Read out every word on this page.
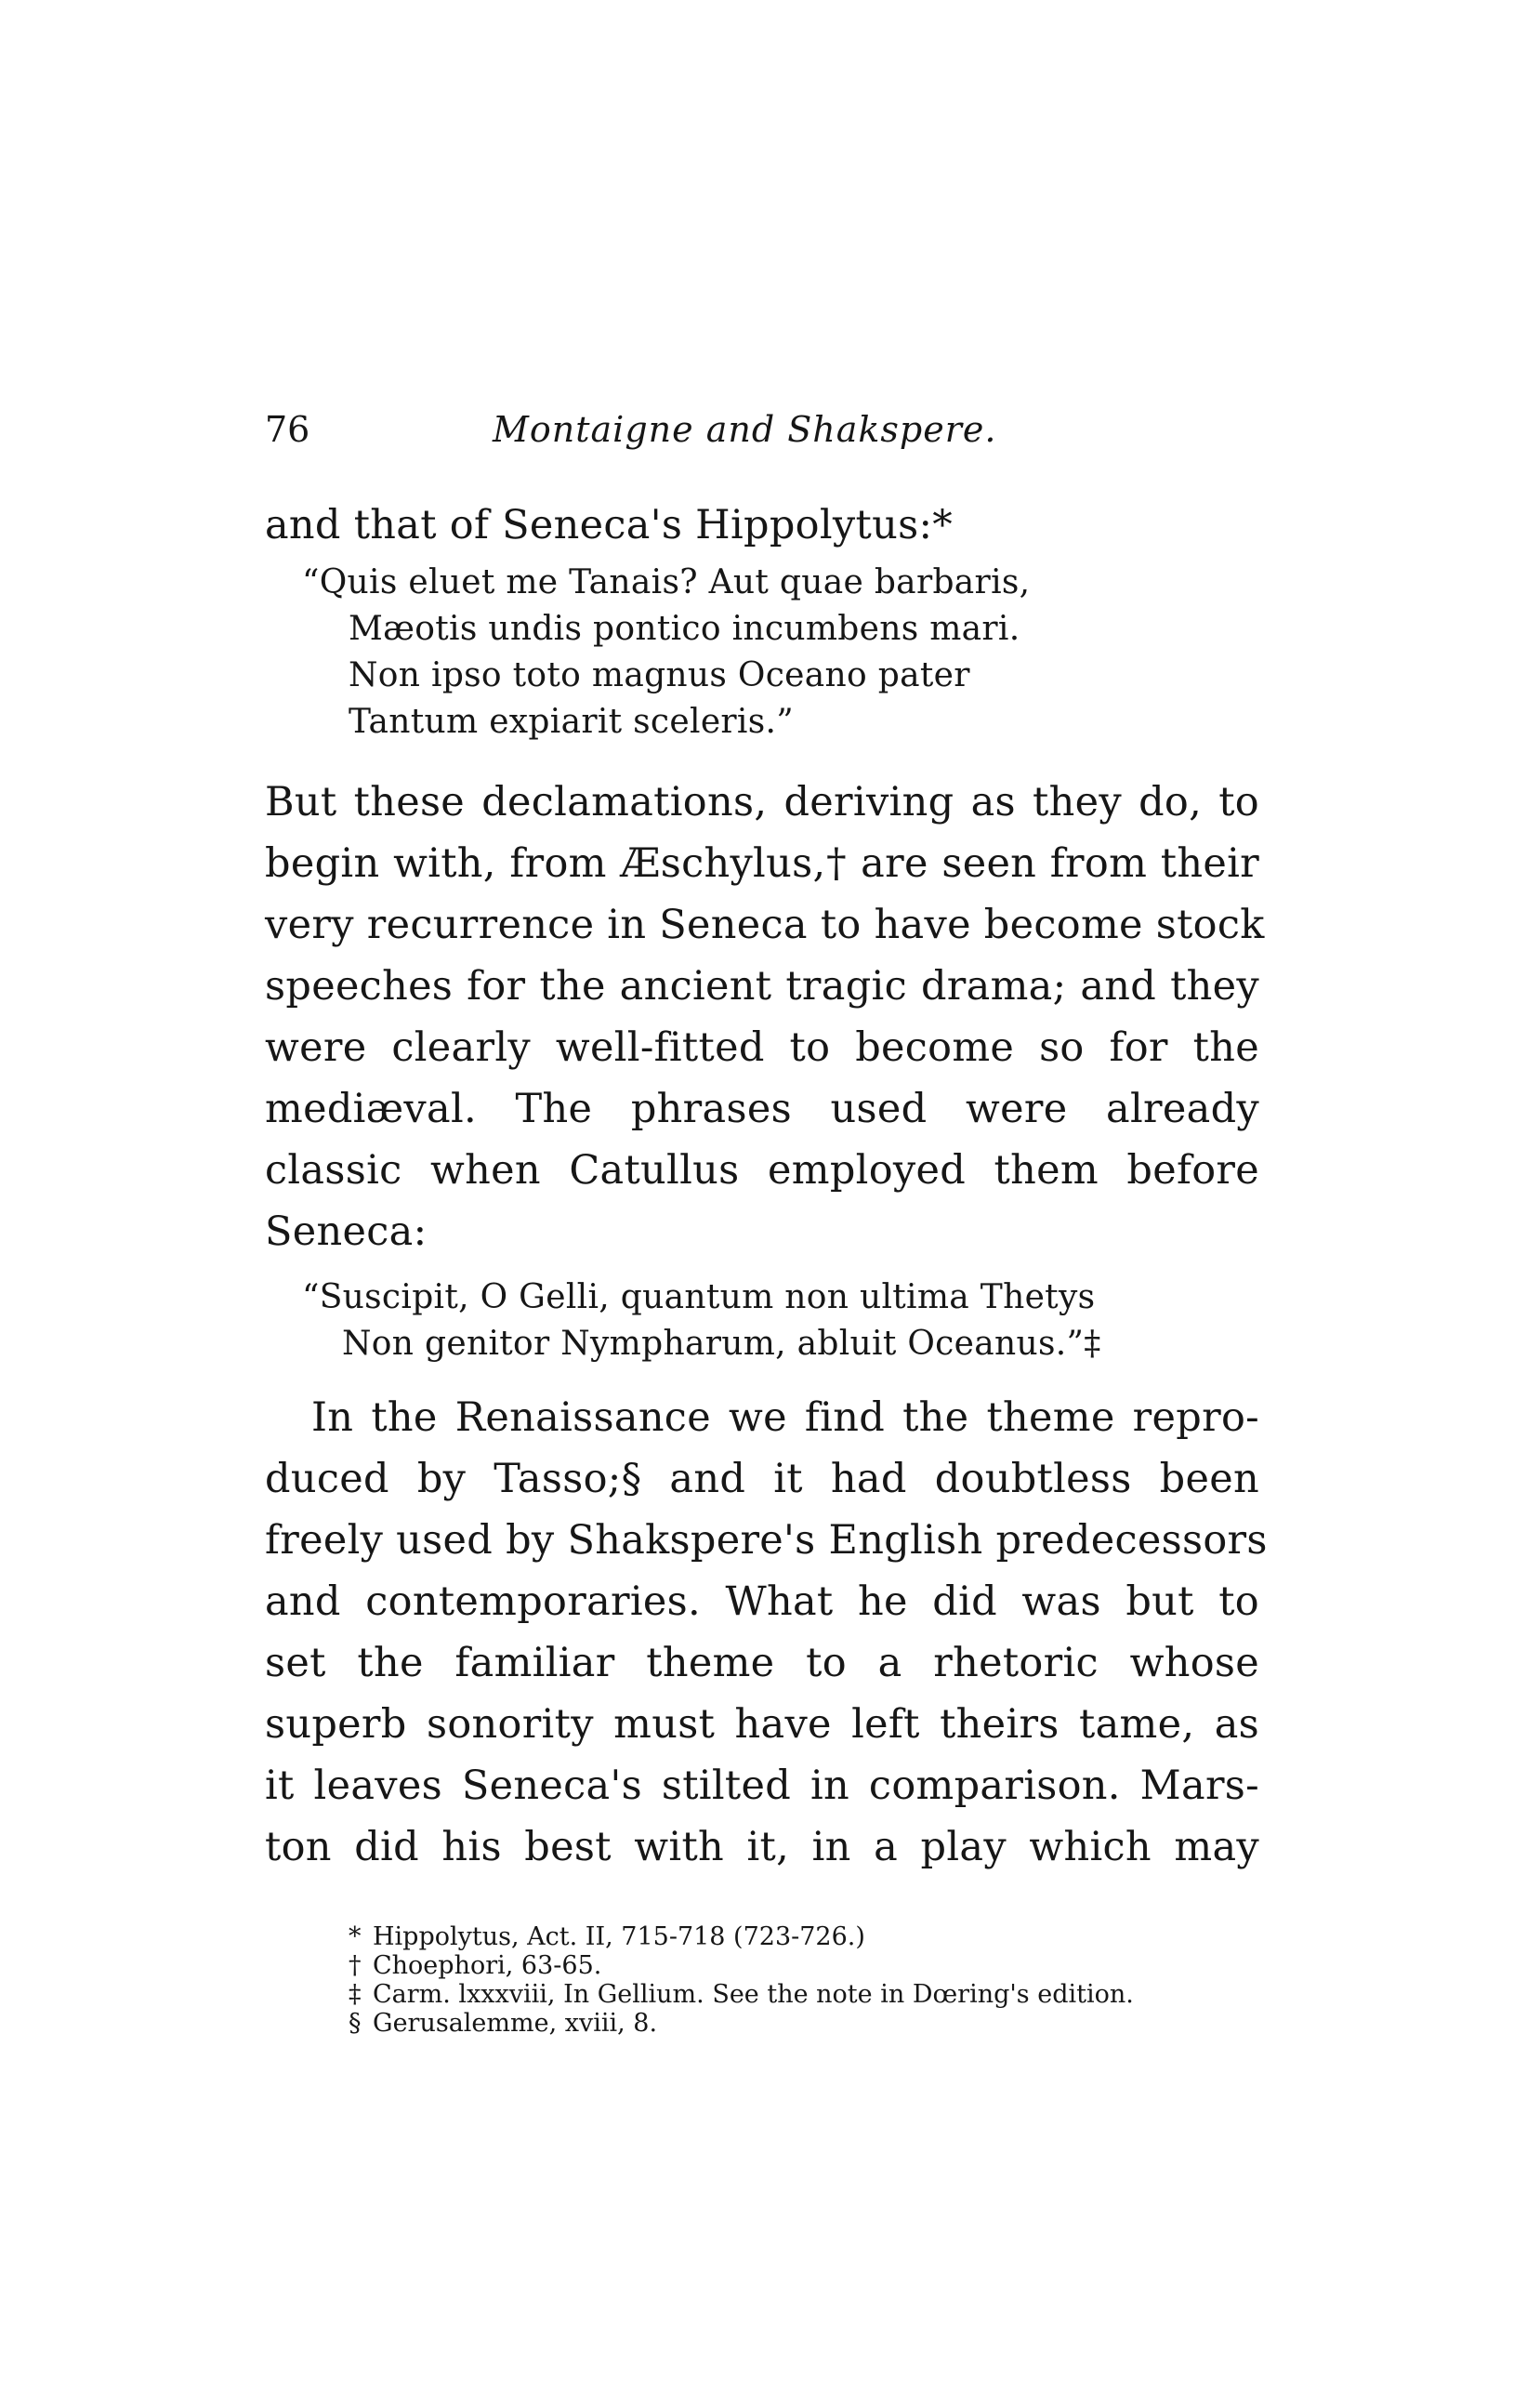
76	Montaigne and Shakspere.
and that of Seneca's Hippolytus:*
“Quis eluet me Tanais? Aut quae barbaris,
Mæotis undis pontico incumbens mari.
Non ipso toto magnus Oceano pater
Tantum expiarit sceleris.”
But these declamations, deriving as they do, to
begin with, from Æschylus,† are seen from their
very recurrence in Seneca to have become stock
speeches for the ancient tragic drama; and they
were clearly well-fitted to become so for the
mediæval. The phrases used were already
classic when Catullus employed them before
Seneca:
“Suscipit, O Gelli, quantum non ultima Thetys
Non genitor Nympharum, abluit Oceanus.”‡
In the Renaissance we find the theme repro-
duced by Tasso;§ and it had doubtless been
freely used by Shakspere's English predecessors
and contemporaries. What he did was but to
set the familiar theme to a rhetoric whose
superb sonority must have left theirs tame, as
it leaves Seneca's stilted in comparison. Mars-
ton did his best with it, in a play which may
* Hippolytus, Act. II, 715-718 (723-726.)
† Choephori, 63-65.
‡ Carm. lxxxviii, In Gellium. See the note in Dœring's edition.
§ Gerusalemme, xviii, 8.
